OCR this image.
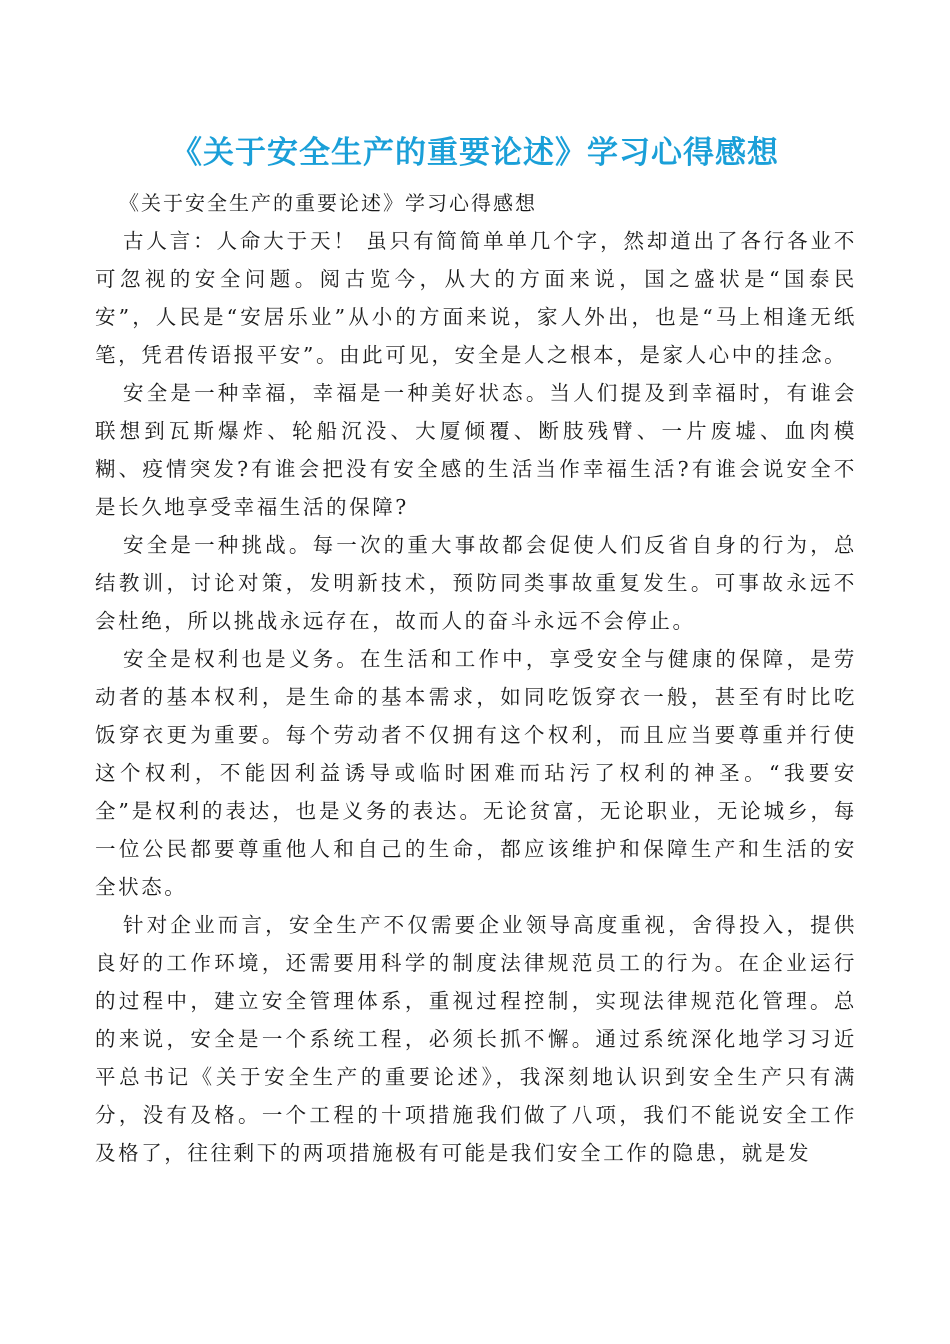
《关于安全生产的重要论述》学习心得感想

《关于安全生产的重要论述》学习心得感想

古人言：人命大于天！ 虽只有简简单单几个字，然却道出了各行各业不可忽视的安全问题。阅古览今，从大的方面来说，国之盛状是“国泰民安”，人民是“安居乐业”从小的方面来说，家人外出，也是“马上相逢无纸笔，凭君传语报平安”。由此可见，安全是人之根本，是家人心中的挂念。

安全是一种幸福，幸福是一种美好状态。当人们提及到幸福时，有谁会联想到瓦斯爆炸、轮船沉没、大厦倾覆、断肢残臂、一片废墟、血肉模糊、疫情突发?有谁会把没有安全感的生活当作幸福生活?有谁会说安全不是长久地享受幸福生活的保障?

安全是一种挑战。每一次的重大事故都会促使人们反省自身的行为，总结教训，讨论对策，发明新技术，预防同类事故重复发生。可事故永远不会杜绝，所以挑战永远存在，故而人的奋斗永远不会停止。

安全是权利也是义务。在生活和工作中，享受安全与健康的保障，是劳动者的基本权利，是生命的基本需求，如同吃饭穿衣一般，甚至有时比吃饭穿衣更为重要。每个劳动者不仅拥有这个权利，而且应当要尊重并行使这个权利，不能因利益诱导或临时困难而玷污了权利的神圣。“我要安全”是权利的表达，也是义务的表达。无论贫富，无论职业，无论城乡，每一位公民都要尊重他人和自己的生命，都应该维护和保障生产和生活的安全状态。

针对企业而言，安全生产不仅需要企业领导高度重视，舍得投入，提供良好的工作环境，还需要用科学的制度法律规范员工的行为。在企业运行的过程中，建立安全管理体系，重视过程控制，实现法律规范化管理。总的来说，安全是一个系统工程，必须长抓不懈。通过系统深化地学习习近平总书记《关于安全生产的重要论述》，我深刻地认识到安全生产只有满分，没有及格。一个工程的十项措施我们做了八项，我们不能说安全工作及格了，往往剩下的两项措施极有可能是我们安全工作的隐患，就是发
